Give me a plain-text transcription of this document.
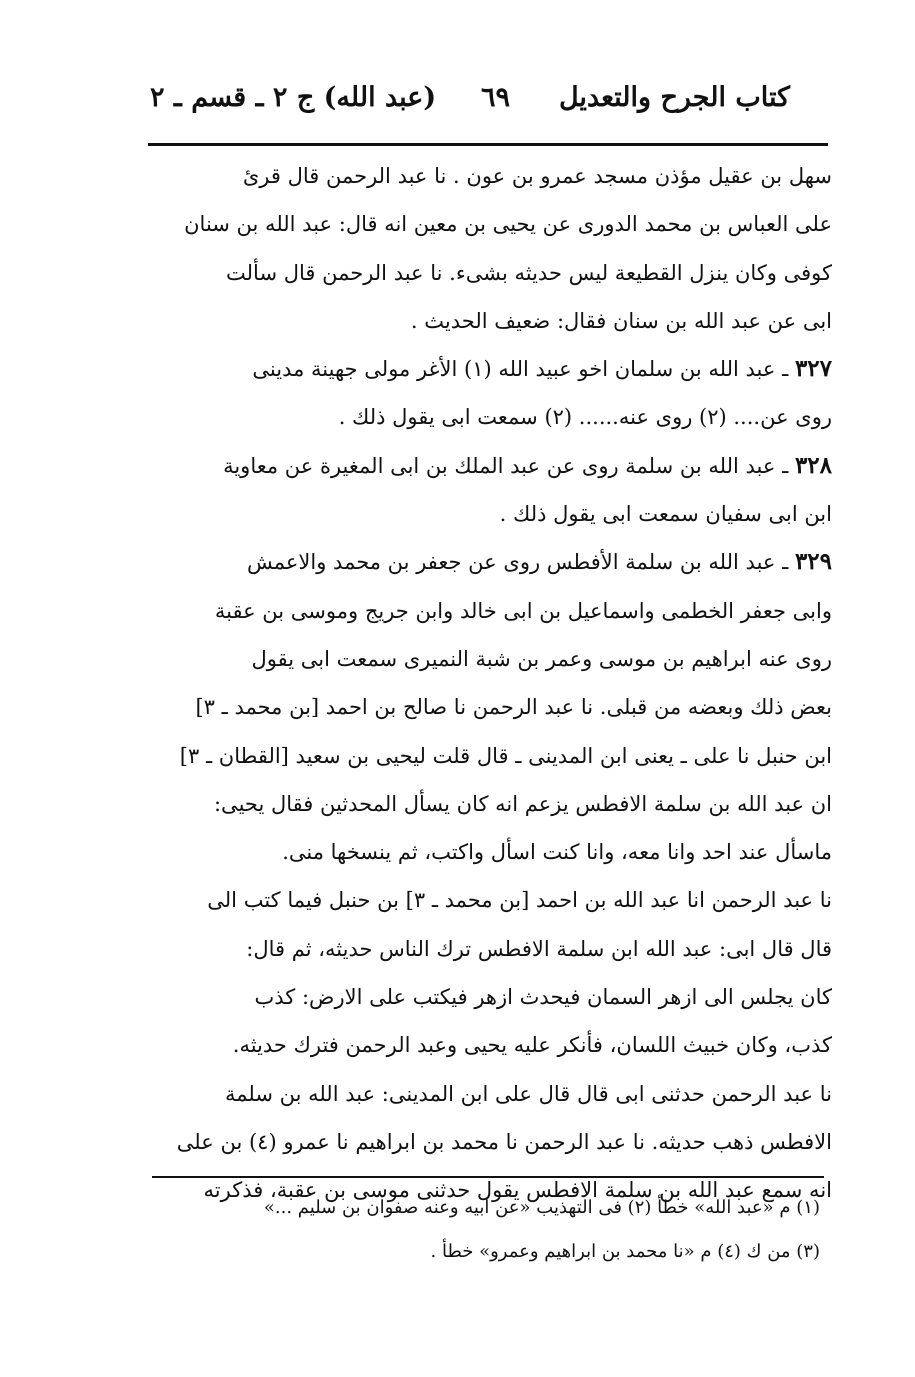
كتاب الجرح والتعديل
٦٩
(عبد الله) ج ٢ ـ قسم ـ ٢
سهل بن عقيل مؤذن مسجد عمرو بن عون . نا عبد الرحمن قال قرئ
على العباس بن محمد الدورى عن يحيى بن معين انه قال: عبد الله بن سنان
كوفى وكان ينزل القطيعة ليس حديثه بشىء. نا عبد الرحمن قال سألت
ابى عن عبد الله بن سنان فقال: ضعيف الحديث .
٣٢٧ ـ عبد الله بن سلمان اخو عبيد الله (١) الأغر مولى جهينة مدينى
روى عن.... (٢) روى عنه...... (٢) سمعت ابى يقول ذلك .
٣٢٨ ـ عبد الله بن سلمة روى عن عبد الملك بن ابى المغيرة عن معاوية
ابن ابى سفيان سمعت ابى يقول ذلك .
٣٢٩ ـ عبد الله بن سلمة الأفطس روى عن جعفر بن محمد والاعمش
وابى جعفر الخطمى واسماعيل بن ابى خالد وابن جريج وموسى بن عقبة
روى عنه ابراهيم بن موسى وعمر بن شبة النميرى سمعت ابى يقول
بعض ذلك وبعضه من قبلى. نا عبد الرحمن نا صالح بن احمد [بن محمد ـ ٣]
ابن حنبل نا على ـ يعنى ابن المدينى ـ قال قلت ليحيى بن سعيد [القطان ـ ٣]
ان عبد الله بن سلمة الافطس يزعم انه كان يسأل المحدثين فقال يحيى:
ماسأل عند احد وانا معه، وانا كنت اسأل واكتب، ثم ينسخها منى.
نا عبد الرحمن انا عبد الله بن احمد [بن محمد ـ ٣] بن حنبل فيما كتب الى
قال قال ابى: عبد الله ابن سلمة الافطس ترك الناس حديثه، ثم قال:
كان يجلس الى ازهر السمان فيحدث ازهر فيكتب على الارض: كذب
كذب، وكان خبيث اللسان، فأنكر عليه يحيى وعبد الرحمن فترك حديثه.
نا عبد الرحمن حدثنى ابى قال قال على ابن المدينى: عبد الله بن سلمة
الافطس ذهب حديثه. نا عبد الرحمن نا محمد بن ابراهيم نا عمرو (٤) بن على
انه سمع عبد الله بن سلمة الافطس يقول حدثنى موسى بن عقبة، فذكرته
(١) م «عبد الله» خطأ (٢) فى التهذيب «عن ابيه وعنه صفوان بن سليم ...»
(٣) من ك (٤) م «نا محمد بن ابراهيم وعمرو» خطأ .
